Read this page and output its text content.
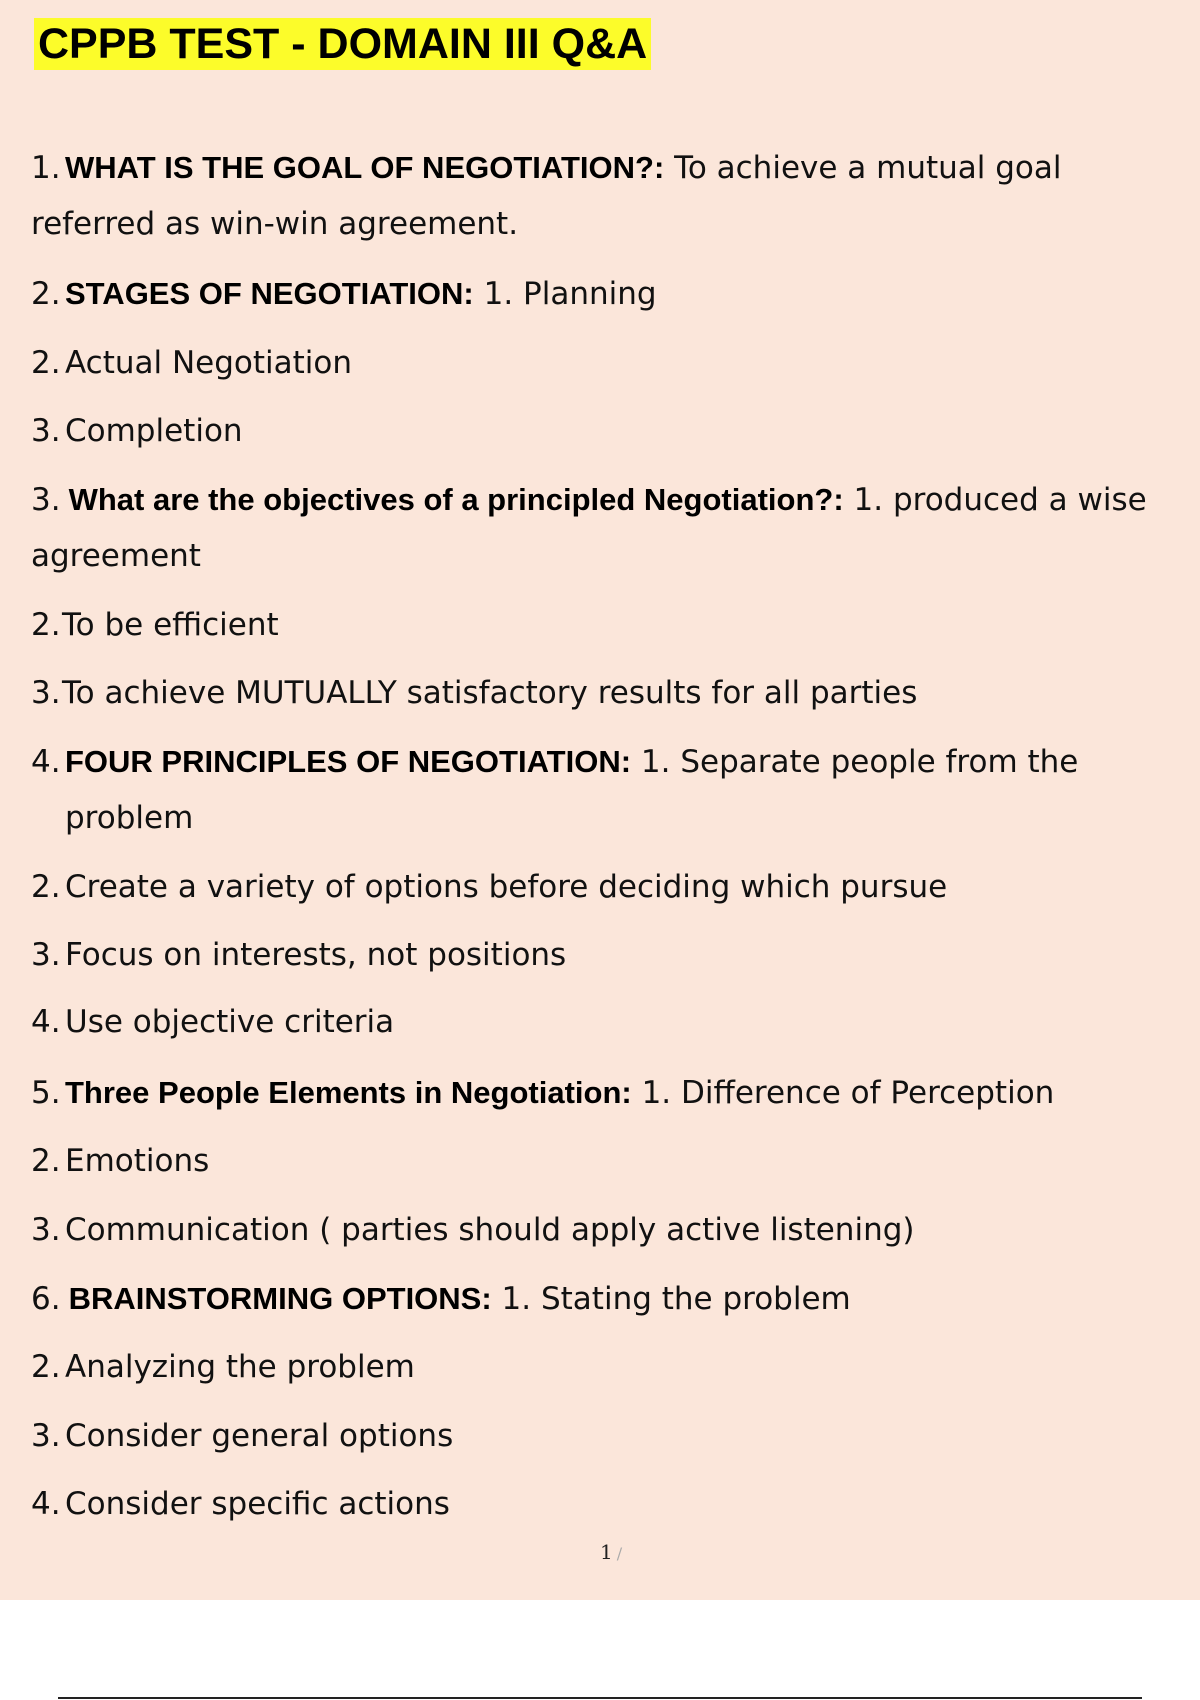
CPPB TEST - DOMAIN III Q&A
1. WHAT IS THE GOAL OF NEGOTIATION?: To achieve a mutual goal
referred as win-win agreement.
2. STAGES OF NEGOTIATION: 1. Planning
2. Actual Negotiation
3. Completion
3. What are the objectives of a principled Negotiation?: 1. produced a wise
agreement
2.To be efficient
3.To achieve MUTUALLY satisfactory results for all parties
4. FOUR PRINCIPLES OF NEGOTIATION: 1. Separate people from the
problem
2. Create a variety of options before deciding which pursue
3. Focus on interests, not positions
4. Use objective criteria
5. Three People Elements in Negotiation: 1. Difference of Perception
2. Emotions
3. Communication ( parties should apply active listening)
6. BRAINSTORMING OPTIONS: 1. Stating the problem
2. Analyzing the problem
3. Consider general options
4. Consider specific actions
1 /
